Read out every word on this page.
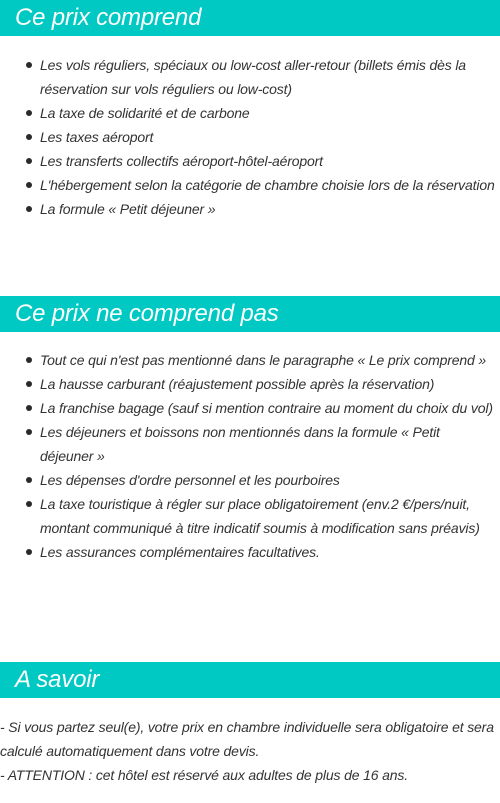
Ce prix comprend
Les vols réguliers, spéciaux ou low-cost aller-retour (billets émis dès la réservation sur vols réguliers ou low-cost)
La taxe de solidarité et de carbone
Les taxes aéroport
Les transferts collectifs aéroport-hôtel-aéroport
L'hébergement selon la catégorie de chambre choisie lors de la réservation
La formule « Petit déjeuner »
Ce prix ne comprend pas
Tout ce qui n'est pas mentionné dans le paragraphe « Le prix comprend »
La hausse carburant (réajustement possible après la réservation)
La franchise bagage (sauf si mention contraire au moment du choix du vol)
Les déjeuners et boissons non mentionnés dans la formule « Petit déjeuner »
Les dépenses d'ordre personnel et les pourboires
La taxe touristique à régler sur place obligatoirement (env.2 €/pers/nuit, montant communiqué à titre indicatif soumis à modification sans préavis)
Les assurances complémentaires facultatives.
A savoir

- Si vous partez seul(e), votre prix en chambre individuelle sera obligatoire et sera calculé automatiquement dans votre devis.

- ATTENTION : cet hôtel est réservé aux adultes de plus de 16 ans.
